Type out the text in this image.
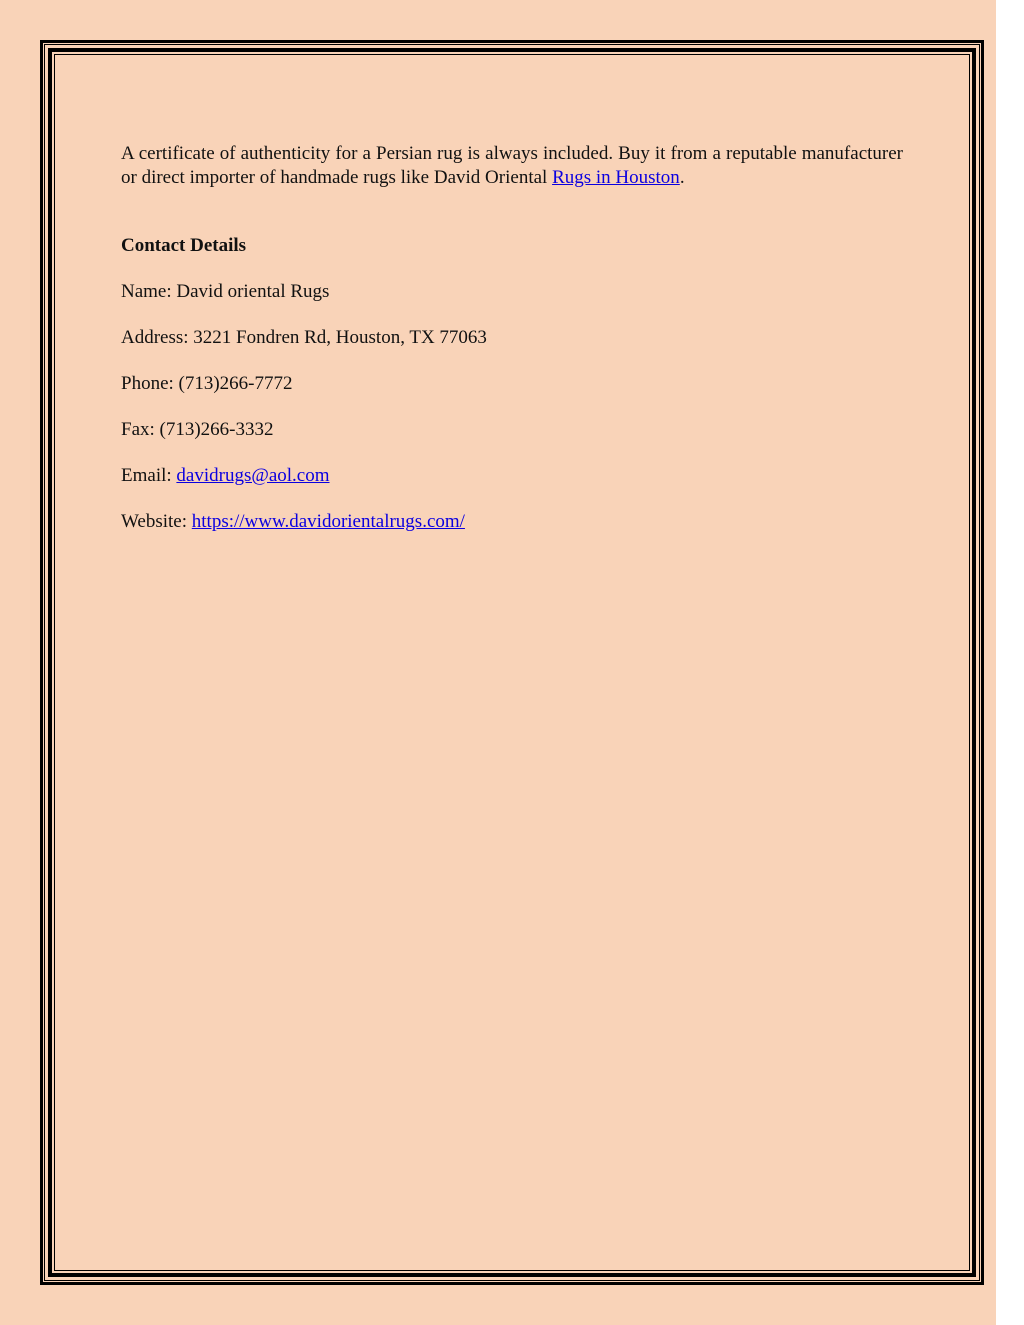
A certificate of authenticity for a Persian rug is always included. Buy it from a reputable manufacturer or direct importer of handmade rugs like David Oriental Rugs in Houston.

Contact Details

Name: David oriental Rugs

Address: 3221 Fondren Rd, Houston, TX 77063

Phone: (713)266-7772

Fax: (713)266-3332

Email: davidrugs@aol.com

Website: https://www.davidorientalrugs.com/
